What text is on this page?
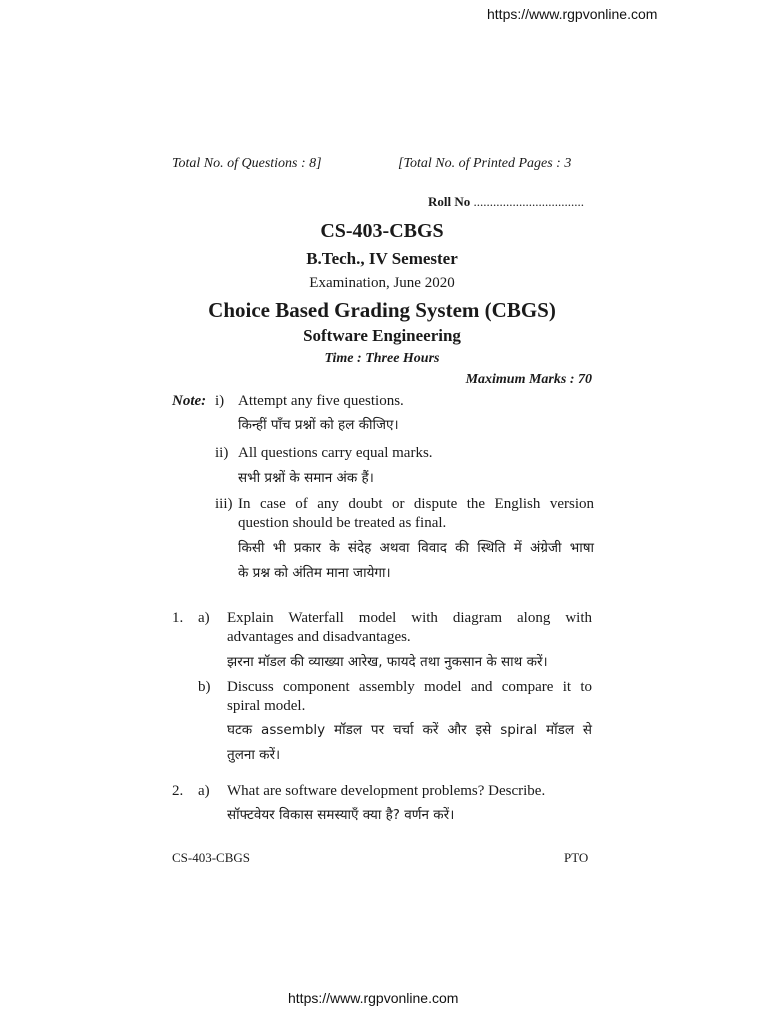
https://www.rgpvonline.com
Total No. of Questions : 8]	[Total No. of Printed Pages : 3
Roll No ..................................
CS-403-CBGS
B.Tech., IV Semester
Examination, June 2020
Choice Based Grading System (CBGS)
Software Engineering
Time : Three Hours
Maximum Marks : 70
Note: i) Attempt any five questions.
किन्हीं पाँच प्रश्नों को हल कीजिए।
ii) All questions carry equal marks.
सभी प्रश्नों के समान अंक हैं।
iii) In case of any doubt or dispute the English version
question should be treated as final.
किसी भी प्रकार के संदेह अथवा विवाद की स्थिति में अंग्रेजी भाषा
के प्रश्न को अंतिम माना जायेगा।
1. a) Explain Waterfall model with diagram along with
advantages and disadvantages.
झरना मॉडल की व्याख्या आरेख, फायदे तथा नुकसान के साथ करें।
b) Discuss component assembly model and compare it to
spiral model.
घटक assembly मॉडल पर चर्चा करें और इसे spiral मॉडल से
तुलना करें।
2. a) What are software development problems? Describe.
सॉफ्टवेयर विकास समस्याएँ क्या है? वर्णन करें।
CS-403-CBGS	PTO
https://www.rgpvonline.com
